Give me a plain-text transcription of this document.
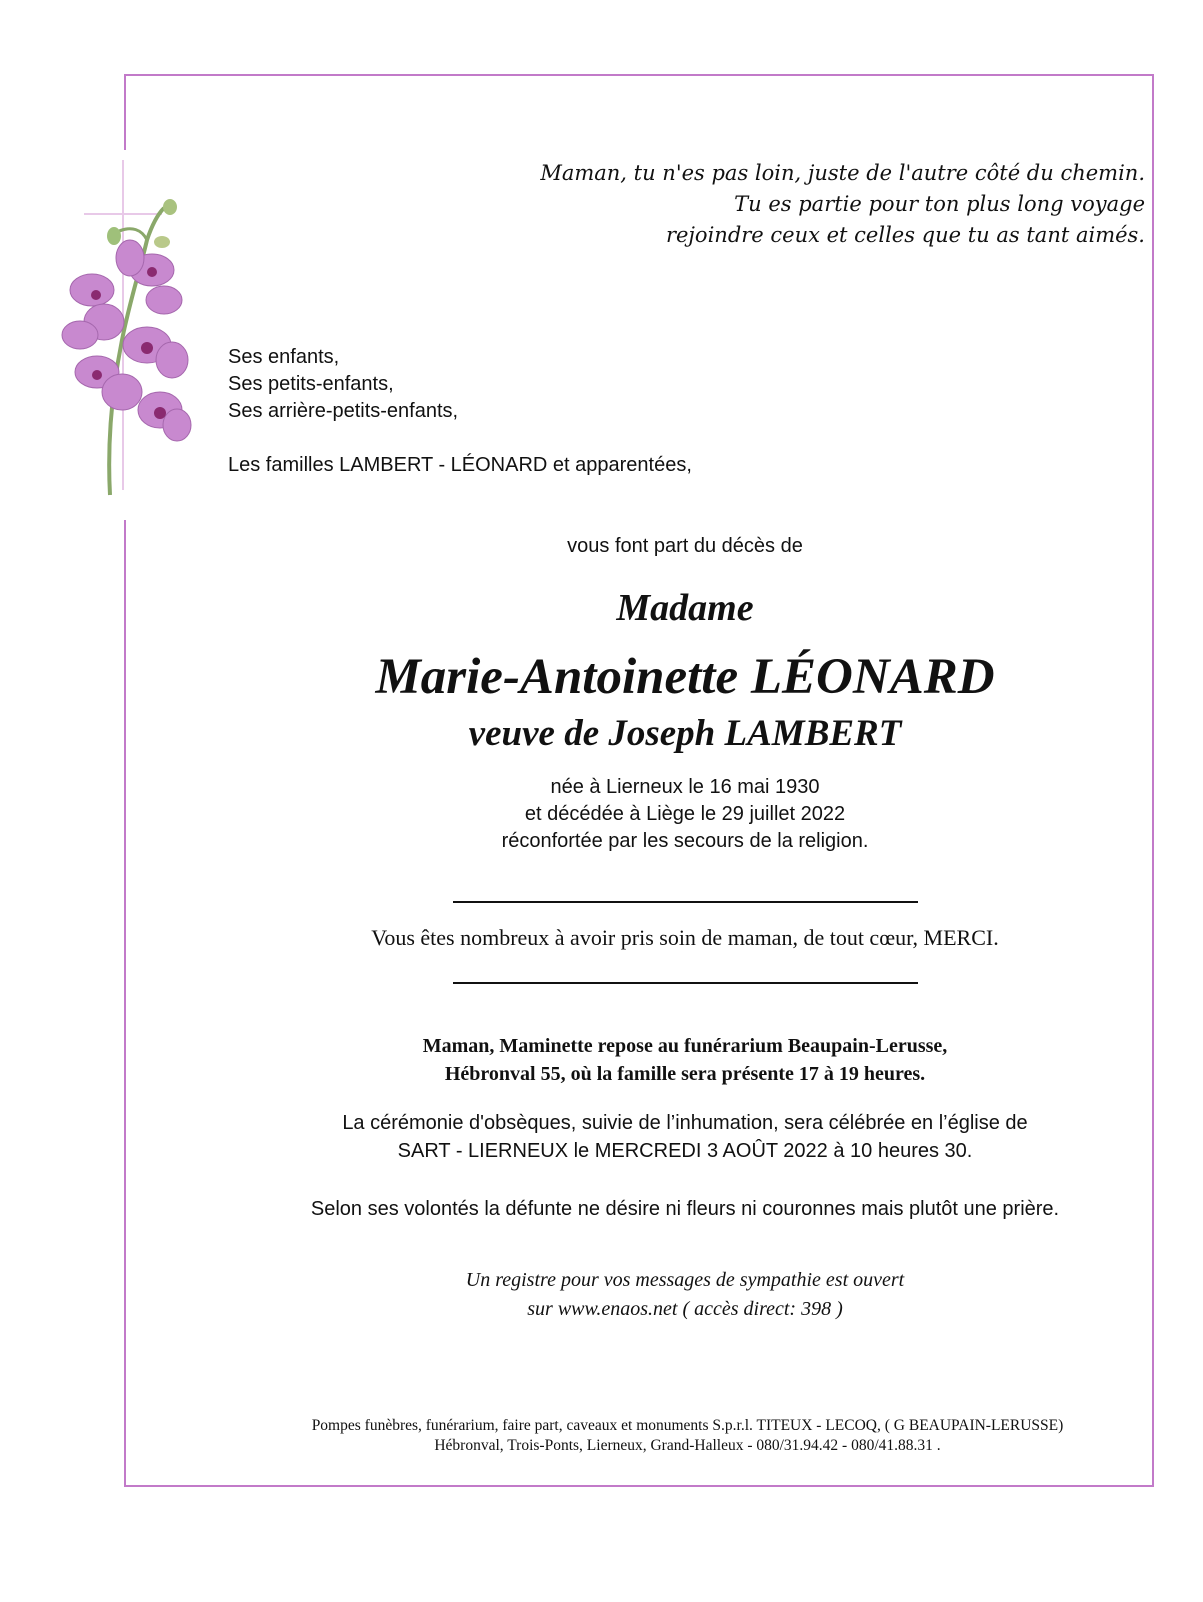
Maman, tu n'es pas loin, juste de l'autre côté du chemin.
Tu es partie pour ton plus long voyage
rejoindre ceux et celles que tu as tant aimés.
Ses enfants,
Ses petits-enfants,
Ses arrière-petits-enfants,
Les familles LAMBERT - LÉONARD et apparentées,
vous font part du décès de
Madame
Marie-Antoinette LÉONARD
veuve de Joseph LAMBERT
née à Lierneux le 16 mai 1930
et décédée à Liège le 29 juillet 2022
réconfortée par les secours de la religion.
Vous êtes nombreux à avoir pris soin de maman, de tout cœur, MERCI.
Maman, Maminette repose au funérarium Beaupain-Lerusse,
Hébronval 55, où la famille sera présente 17 à 19 heures.
La cérémonie d'obsèques, suivie de l’inhumation, sera célébrée en l’église de
SART - LIERNEUX le MERCREDI 3 AOÛT 2022 à 10 heures 30.
Selon ses volontés la défunte ne désire ni fleurs ni couronnes mais plutôt une prière.
Un registre pour vos messages de sympathie est ouvert
sur www.enaos.net ( accès direct: 398 )
Pompes funèbres, funérarium, faire part, caveaux et monuments S.p.r.l. TITEUX - LECOQ, ( G BEAUPAIN-LERUSSE)
Hébronval, Trois-Ponts, Lierneux, Grand-Halleux - 080/31.94.42 - 080/41.88.31 .
